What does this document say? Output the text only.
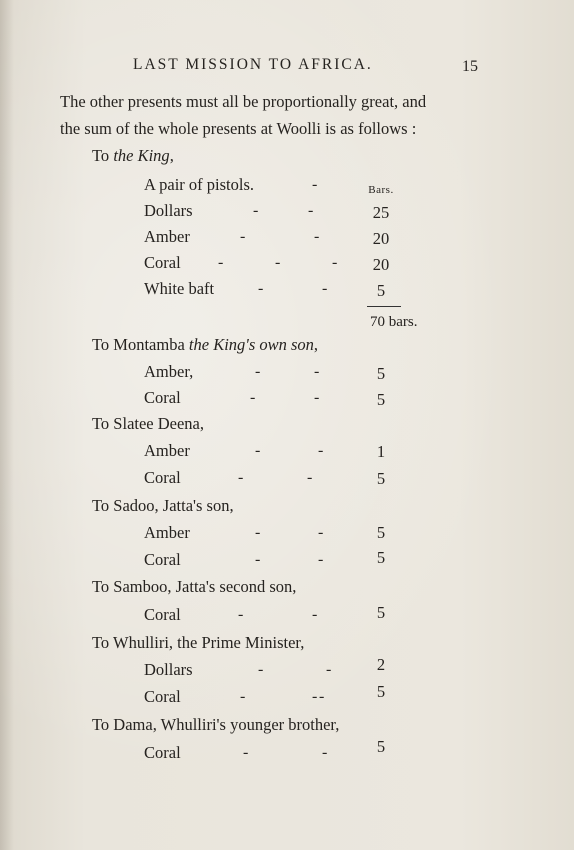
LAST MISSION TO AFRICA.	15
The other presents must all be proportionally great, and
the sum of the whole presents at Woolli is as follows :
To the King,
Bars.
A pair of pistols.	-
Dollars	-	-	25
Amber	-	-	20
Coral -	-	-	20
White baft	-	-	5
70 bars.
To Montamba the King's own son,
Amber,	-	-	5
Coral	-	-	5
To Slatee Deena,
Amber	-	-	1
Coral	-	-	5
To Sadoo, Jatta's son,
Amber	-	-	5
Coral	-	-	5
To Samboo, Jatta's second son,
Coral	-	-	5
To Whulliri, the Prime Minister,
Dollars	-	-	2
Coral	-	- -	5
To Dama, Whulliri's younger brother,
Coral	-	-	5
